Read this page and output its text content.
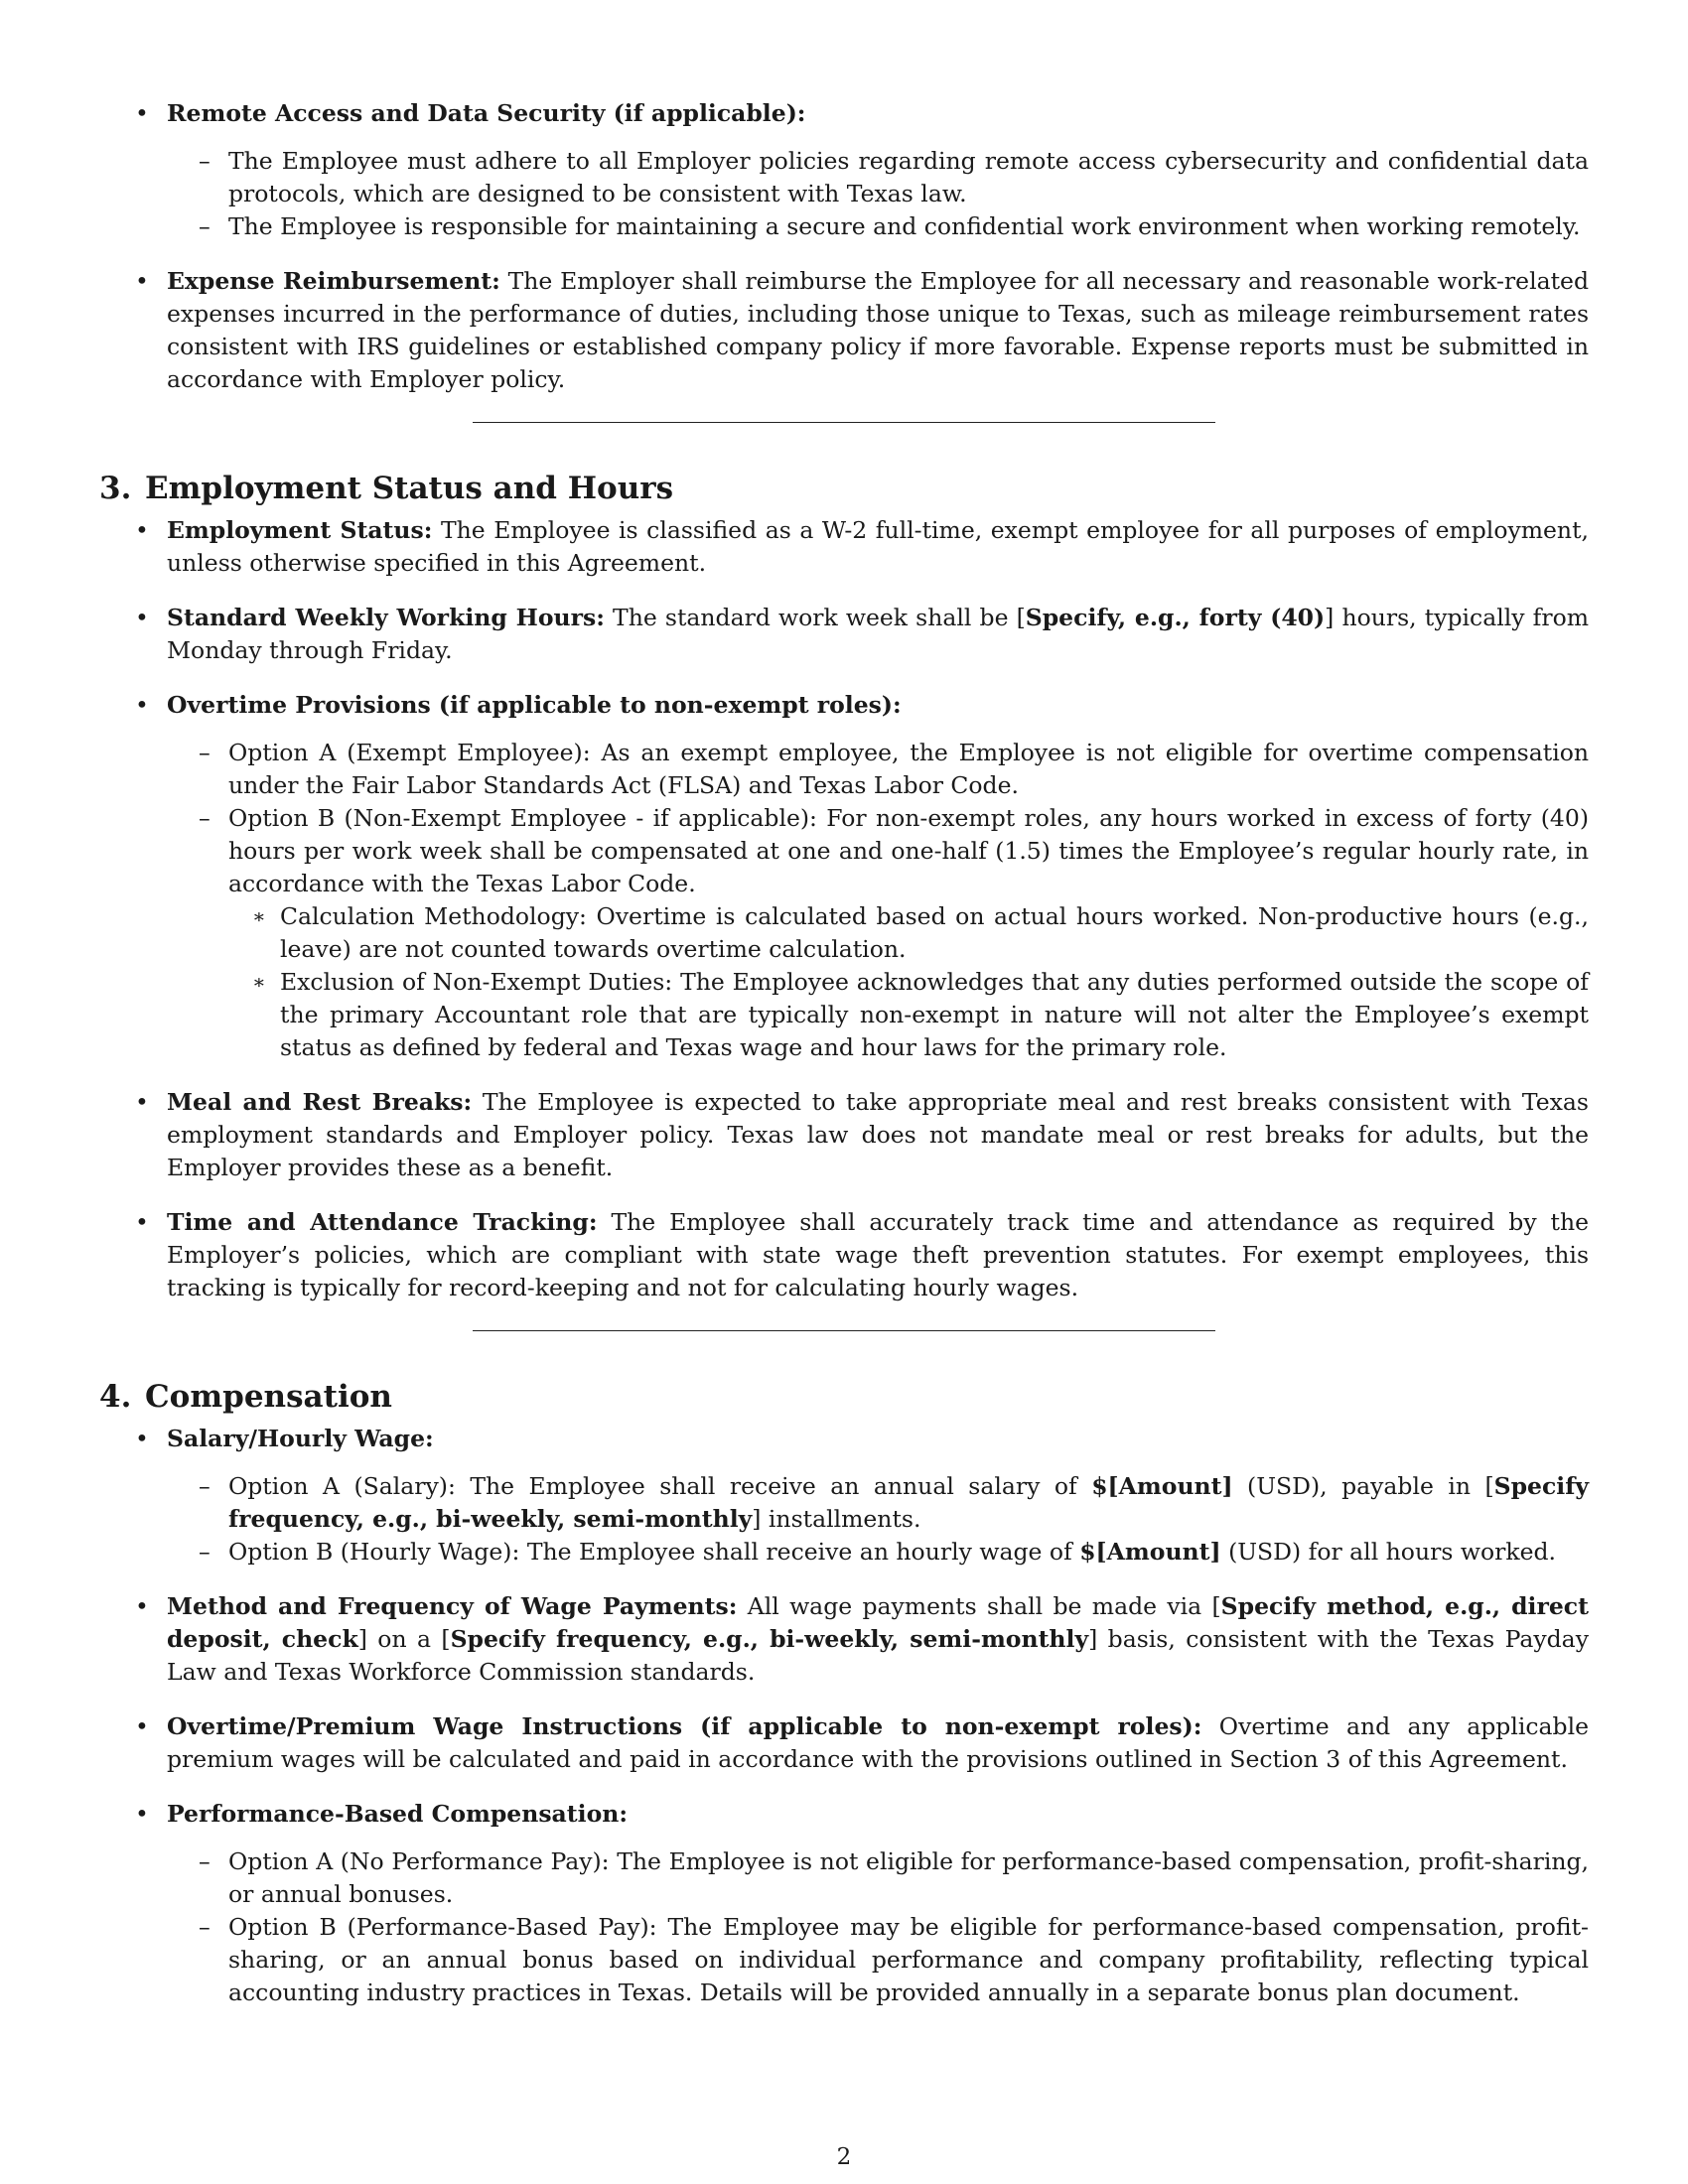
• Remote Access and Data Security (if applicable):
– The Employee must adhere to all Employer policies regarding remote access cybersecurity and confidential data protocols, which are designed to be consistent with Texas law.
– The Employee is responsible for maintaining a secure and confidential work environment when working remotely.
• Expense Reimbursement: The Employer shall reimburse the Employee for all necessary and reasonable work-related expenses incurred in the performance of duties, including those unique to Texas, such as mileage reimbursement rates consistent with IRS guidelines or established company policy if more favorable. Expense reports must be submitted in accordance with Employer policy.
3. Employment Status and Hours
• Employment Status: The Employee is classified as a W-2 full-time, exempt employee for all purposes of employment, unless otherwise specified in this Agreement.
• Standard Weekly Working Hours: The standard work week shall be [Specify, e.g., forty (40)] hours, typically from Monday through Friday.
• Overtime Provisions (if applicable to non-exempt roles):
– Option A (Exempt Employee): As an exempt employee, the Employee is not eligible for overtime compensation under the Fair Labor Standards Act (FLSA) and Texas Labor Code.
– Option B (Non-Exempt Employee - if applicable): For non-exempt roles, any hours worked in excess of forty (40) hours per work week shall be compensated at one and one-half (1.5) times the Employee’s regular hourly rate, in accordance with the Texas Labor Code.
∗ Calculation Methodology: Overtime is calculated based on actual hours worked. Non-productive hours (e.g., leave) are not counted towards overtime calculation.
∗ Exclusion of Non-Exempt Duties: The Employee acknowledges that any duties performed outside the scope of the primary Accountant role that are typically non-exempt in nature will not alter the Employee’s exempt status as defined by federal and Texas wage and hour laws for the primary role.
• Meal and Rest Breaks: The Employee is expected to take appropriate meal and rest breaks consistent with Texas employment standards and Employer policy. Texas law does not mandate meal or rest breaks for adults, but the Employer provides these as a benefit.
• Time and Attendance Tracking: The Employee shall accurately track time and attendance as required by the Employer’s policies, which are compliant with state wage theft prevention statutes. For exempt employees, this tracking is typically for record-keeping and not for calculating hourly wages.
4. Compensation
• Salary/Hourly Wage:
– Option A (Salary): The Employee shall receive an annual salary of $[Amount] (USD), payable in [Specify frequency, e.g., bi-weekly, semi-monthly] installments.
– Option B (Hourly Wage): The Employee shall receive an hourly wage of $[Amount] (USD) for all hours worked.
• Method and Frequency of Wage Payments: All wage payments shall be made via [Specify method, e.g., direct deposit, check] on a [Specify frequency, e.g., bi-weekly, semi-monthly] basis, consistent with the Texas Payday Law and Texas Workforce Commission standards.
• Overtime/Premium Wage Instructions (if applicable to non-exempt roles): Overtime and any applicable premium wages will be calculated and paid in accordance with the provisions outlined in Section 3 of this Agreement.
• Performance-Based Compensation:
– Option A (No Performance Pay): The Employee is not eligible for performance-based compensation, profit-sharing, or annual bonuses.
– Option B (Performance-Based Pay): The Employee may be eligible for performance-based compensation, profit-sharing, or an annual bonus based on individual performance and company profitability, reflecting typical accounting industry practices in Texas. Details will be provided annually in a separate bonus plan document.
2
